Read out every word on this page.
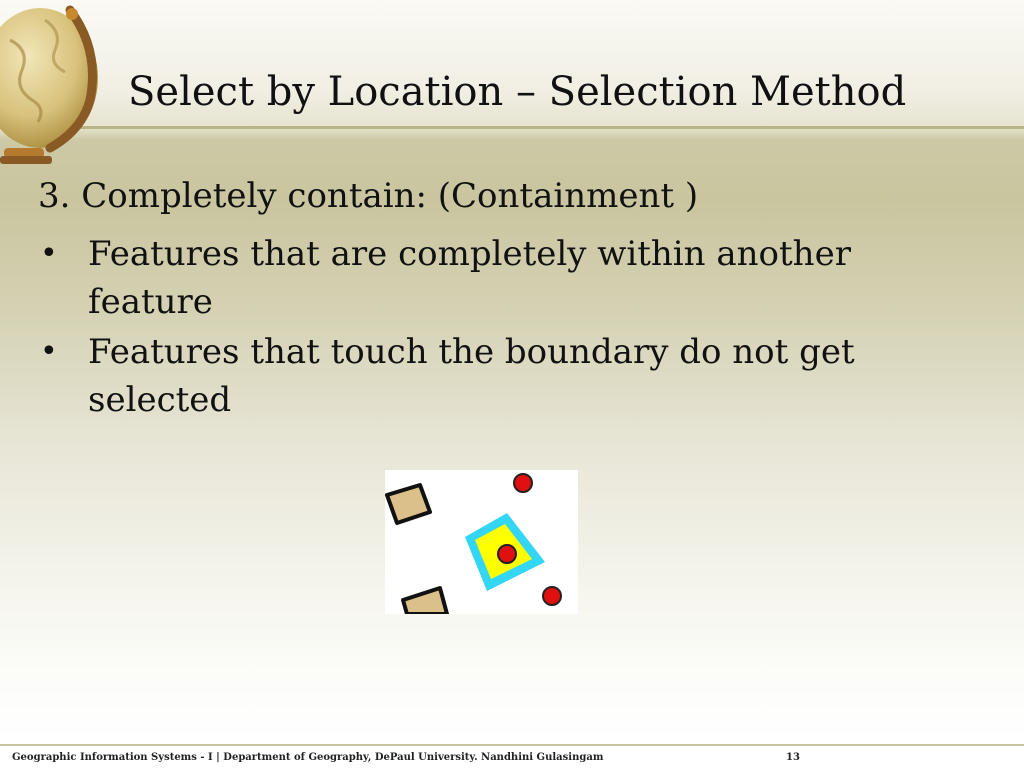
Select by Location – Selection Method

3. Completely contain: (Containment )

• Features that are completely within another feature
• Features that touch the boundary do not get selected
Geographic Information Systems - I | Department of Geography, DePaul University. Nandhini Gulasingam	13
